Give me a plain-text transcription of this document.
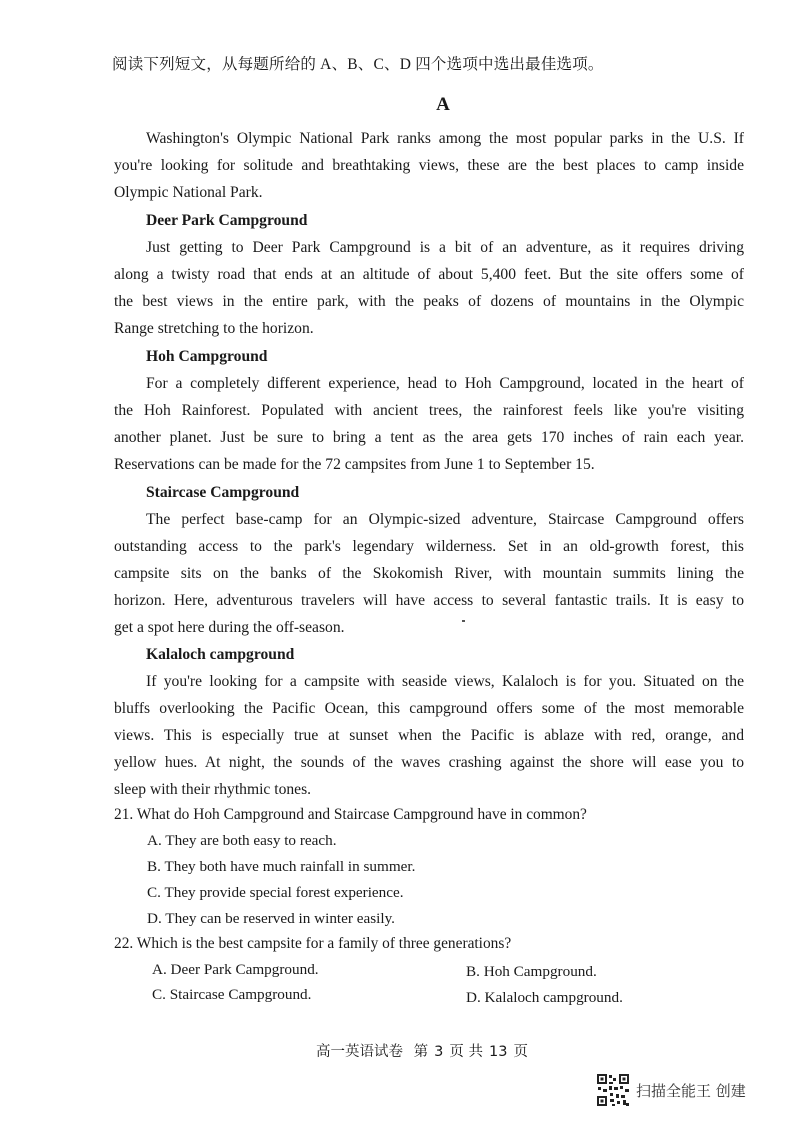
阅读下列短文，从每题所给的 A、B、C、D 四个选项中选出最佳选项。
A
Washington's Olympic National Park ranks among the most popular parks in the U.S. If
you're looking for solitude and breathtaking views, these are the best places to camp inside
Olympic National Park.
Deer Park Campground
Just getting to Deer Park Campground is a bit of an adventure, as it requires driving
along a twisty road that ends at an altitude of about 5,400 feet. But the site offers some of
the best views in the entire park, with the peaks of dozens of mountains in the Olympic
Range stretching to the horizon.
Hoh Campground
For a completely different experience, head to Hoh Campground, located in the heart of
the Hoh Rainforest. Populated with ancient trees, the rainforest feels like you're visiting
another planet. Just be sure to bring a tent as the area gets 170 inches of rain each year.
Reservations can be made for the 72 campsites from June 1 to September 15.
Staircase Campground
The perfect base-camp for an Olympic-sized adventure, Staircase Campground offers
outstanding access to the park's legendary wilderness. Set in an old-growth forest, this
campsite sits on the banks of the Skokomish River, with mountain summits lining the
horizon. Here, adventurous travelers will have access to several fantastic trails. It is easy to
get a spot here during the off-season.
Kalaloch campground
If you're looking for a campsite with seaside views, Kalaloch is for you. Situated on the
bluffs overlooking the Pacific Ocean, this campground offers some of the most memorable
views. This is especially true at sunset when the Pacific is ablaze with red, orange, and
yellow hues. At night, the sounds of the waves crashing against the shore will ease you to
sleep with their rhythmic tones.
21. What do Hoh Campground and Staircase Campground have in common?
A. They are both easy to reach.
B. They both have much rainfall in summer.
C. They provide special forest experience.
D. They can be reserved in winter easily.
22. Which is the best campsite for a family of three generations?
A. Deer Park Campground.	B. Hoh Campground.
C. Staircase Campground.	D. Kalaloch campground.
高一英语试卷 第 3 页 共 13 页
扫描全能王 创建
